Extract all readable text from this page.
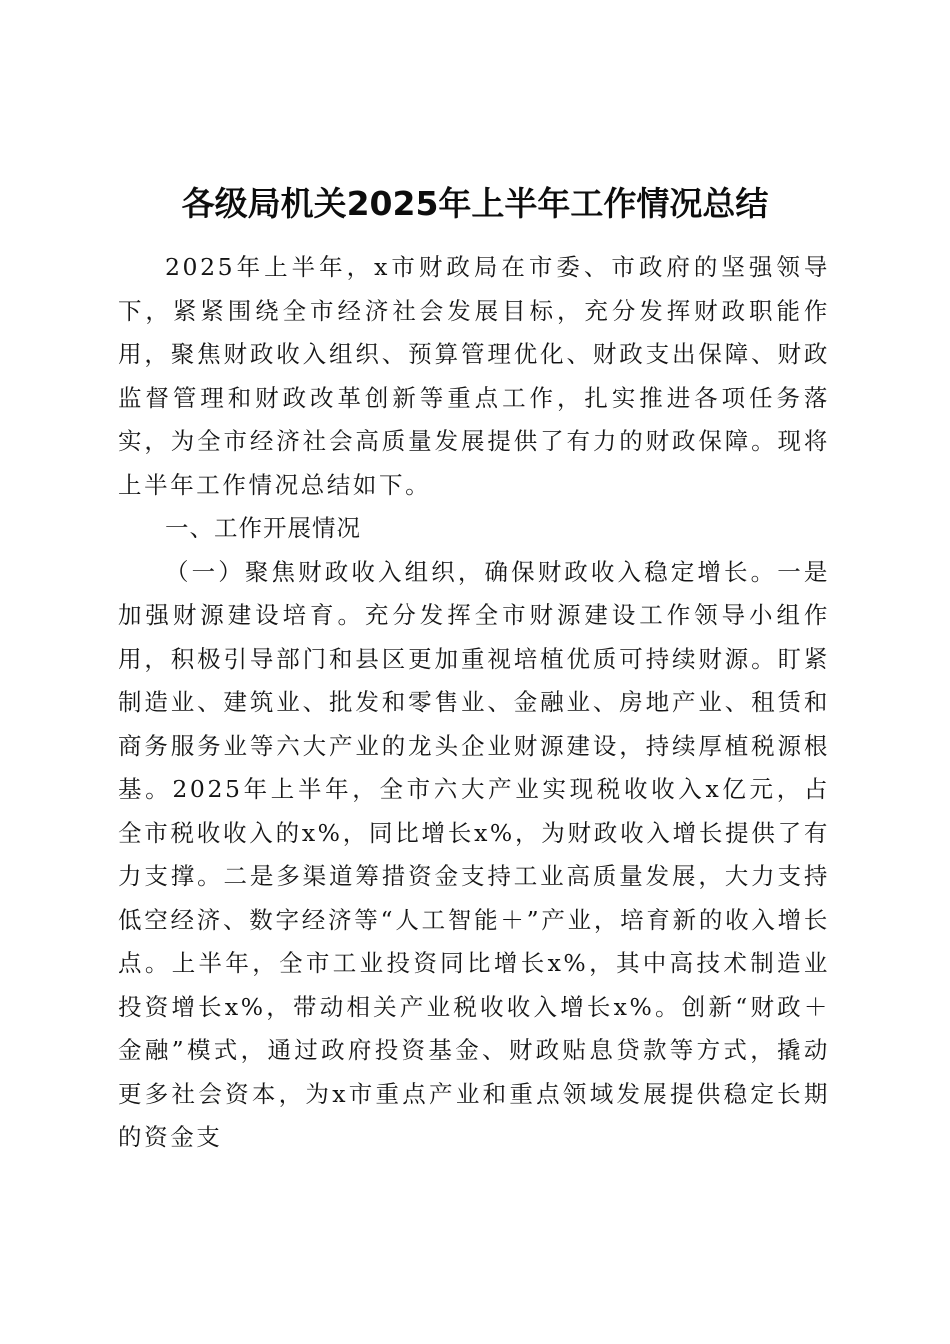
各级局机关2025年上半年工作情况总结

2025年上半年，x市财政局在市委、市政府的坚强领导下，紧紧围绕全市经济社会发展目标，充分发挥财政职能作用，聚焦财政收入组织、预算管理优化、财政支出保障、财政监督管理和财政改革创新等重点工作，扎实推进各项任务落实，为全市经济社会高质量发展提供了有力的财政保障。现将上半年工作情况总结如下。

一、工作开展情况

（一）聚焦财政收入组织，确保财政收入稳定增长。一是加强财源建设培育。充分发挥全市财源建设工作领导小组作用，积极引导部门和县区更加重视培植优质可持续财源。盯紧制造业、建筑业、批发和零售业、金融业、房地产业、租赁和商务服务业等六大产业的龙头企业财源建设，持续厚植税源根基。2025年上半年，全市六大产业实现税收收入x亿元，占全市税收收入的x%，同比增长x%，为财政收入增长提供了有力支撑。二是多渠道筹措资金支持工业高质量发展，大力支持低空经济、数字经济等“人工智能＋”产业，培育新的收入增长点。上半年，全市工业投资同比增长x%，其中高技术制造业投资增长x%，带动相关产业税收收入增长x%。创新“财政＋金融”模式，通过政府投资基金、财政贴息贷款等方式，撬动更多社会资本，为x市重点产业和重点领域发展提供稳定长期的资金支
